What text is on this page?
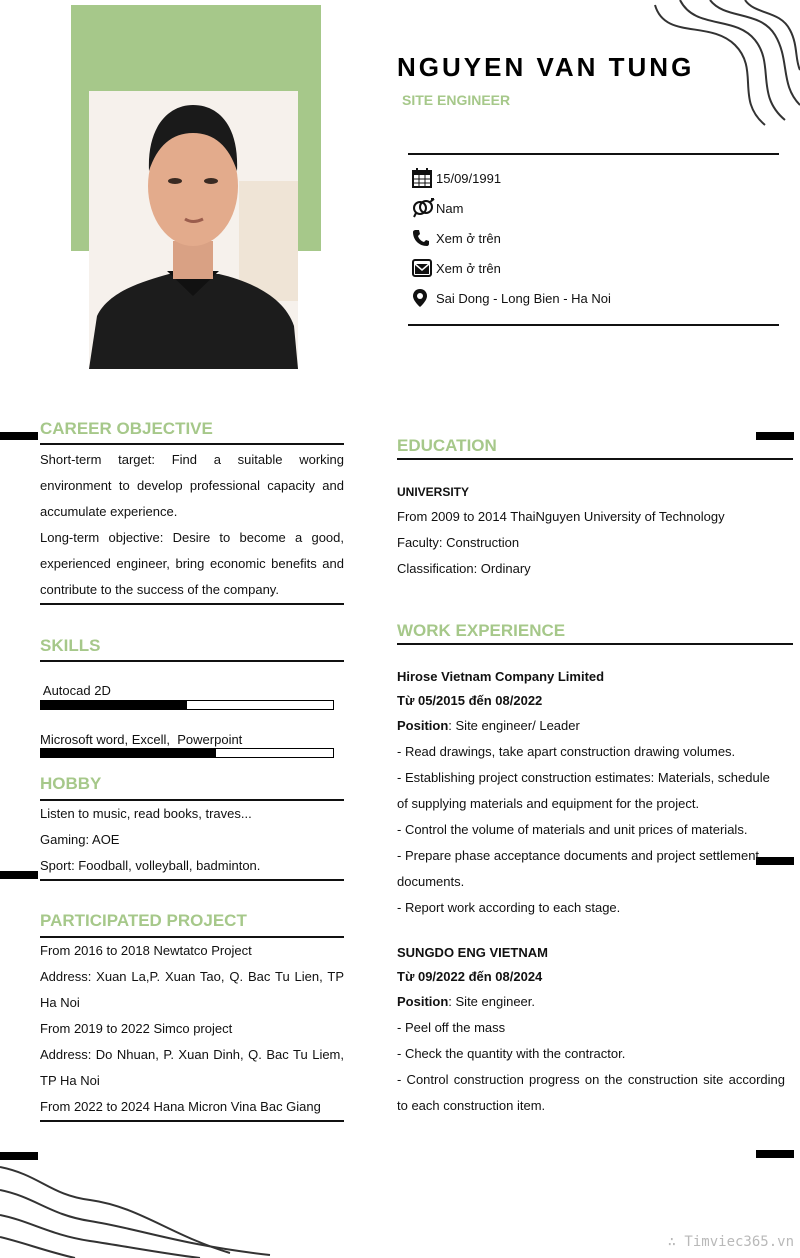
NGUYEN VAN TUNG
SITE ENGINEER
15/09/1991
Nam
Xem ở trên
Xem ở trên
Sai Dong - Long Bien - Ha Noi
CAREER OBJECTIVE
Short-term target: Find a suitable working environment to develop professional capacity and accumulate experience.
Long-term objective: Desire to become a good, experienced engineer, bring economic benefits and contribute to the success of the company.
SKILLS
Autocad 2D
Microsoft word, Excell,  Powerpoint
HOBBY
Listen to music, read books, traves...
Gaming: AOE
Sport: Foodball, volleyball, badminton.
PARTICIPATED PROJECT
From 2016 to 2018 Newtatco Project
Address: Xuan La,P. Xuan Tao, Q. Bac Tu Lien, TP Ha Noi
From 2019 to 2022 Simco project
Address: Do Nhuan, P. Xuan Dinh, Q. Bac Tu Liem, TP Ha Noi
From 2022 to 2024 Hana Micron Vina Bac Giang
EDUCATION
UNIVERSITY
From 2009 to 2014 ThaiNguyen University of Technology
Faculty: Construction
Classification: Ordinary
WORK EXPERIENCE
Hirose Vietnam Company Limited
Từ 05/2015 đến 08/2022
Position: Site engineer/ Leader
- Read drawings, take apart construction drawing volumes.
- Establishing project construction estimates: Materials, schedule of supplying materials and equipment for the project.
- Control the volume of materials and unit prices of materials.
- Prepare phase acceptance documents and project settlement documents.
- Report work according to each stage.
SUNGDO ENG VIETNAM
Từ 09/2022 đến 08/2024
Position: Site engineer.
- Peel off the mass
- Check the quantity with the contractor.
- Control construction progress on the construction site according to each construction item.
∴ Timviec365.vn
